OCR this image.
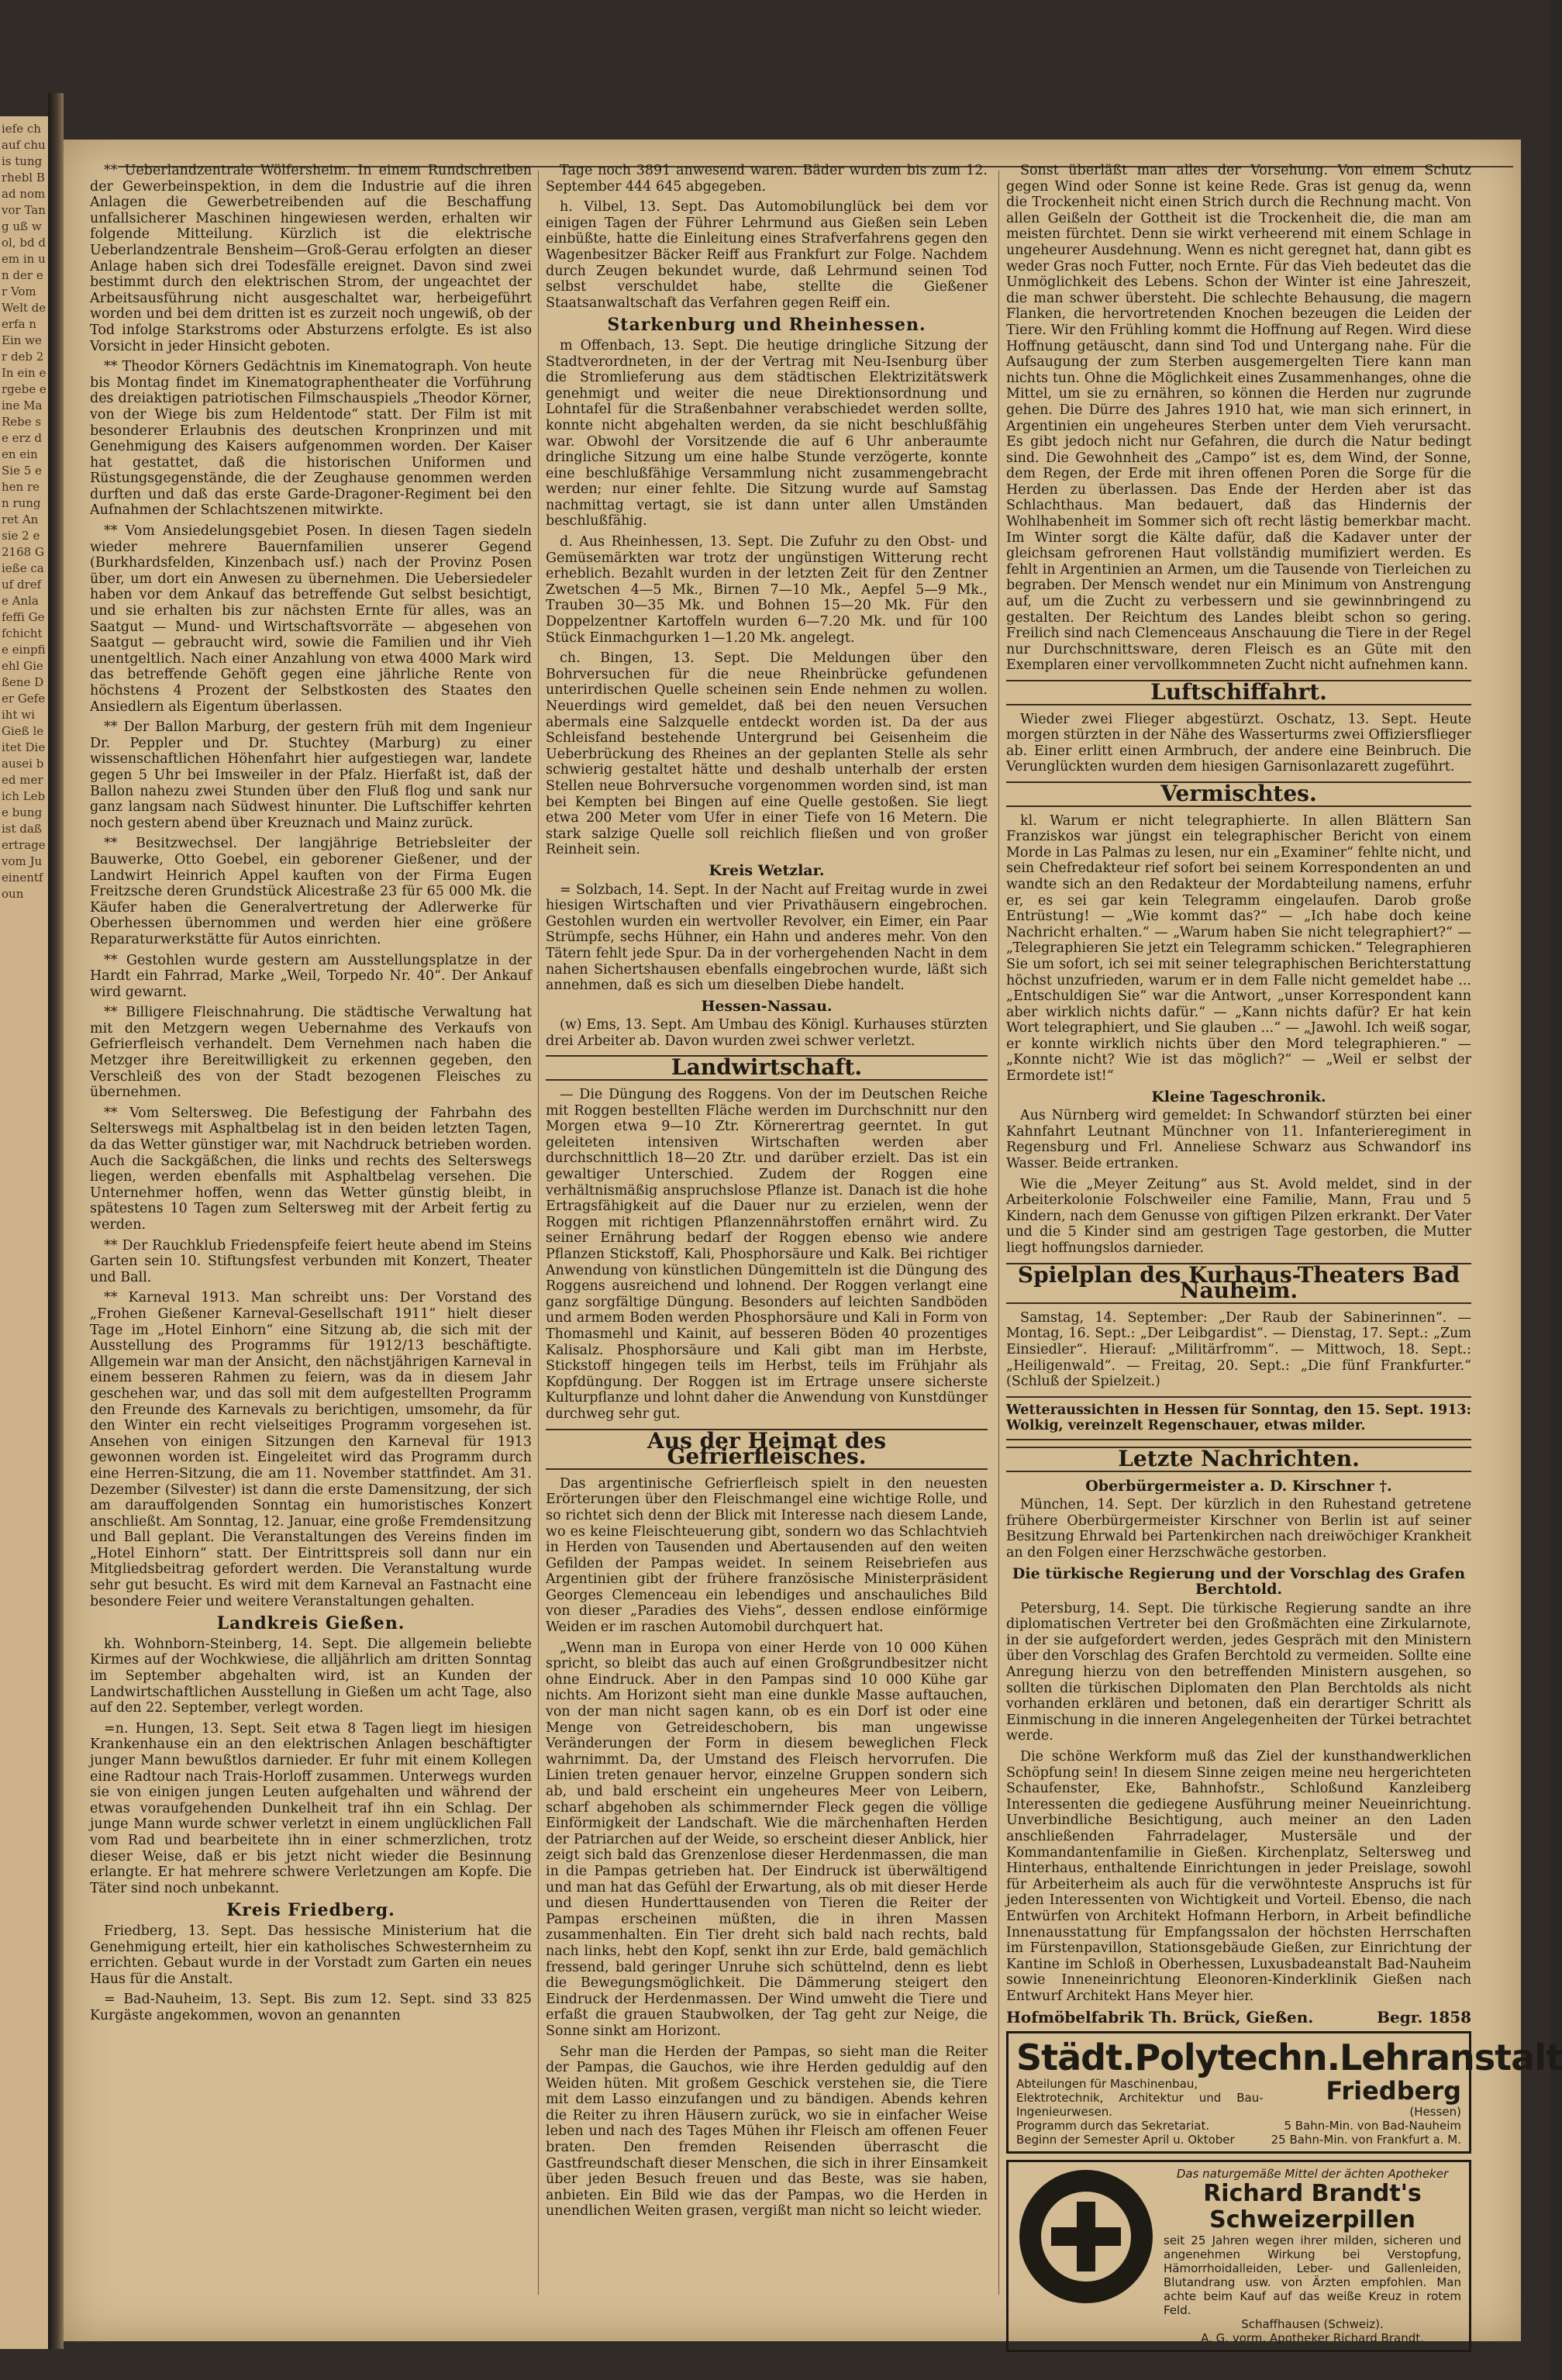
iefe chauf chuis tung rhebl Bad nom vor Tang uß wol, bd dem in un der er Vom Welt de erfa n Ein wer deb 2 In ein ergebe eine Ma Rebe se erz den ein Sie 5 ehen ren rung ret An sie 2 e 2168 Gieße cauf drefe Anla feffi Gefchichte einpfiehl Gießene Der Gefe iht wi Gieß leitet Die ausei bed mer ich Lebe bung ist daß ertrage vom Ju einentfoun

** Ueberlandzentrale Wölfersheim. In einem Rundschreiben der Gewerbeinspektion, in dem die Industrie auf die ihren Anlagen die Gewerbetreibenden auf die Beschaffung unfallsicherer Maschinen hingewiesen werden, erhalten wir folgende Mitteilung. Kürzlich ist die elektrische Ueberlandzentrale Bensheim—Groß-Gerau erfolgten an dieser Anlage haben sich drei Todesfälle ereignet. Davon sind zwei bestimmt durch den elektrischen Strom, der ungeachtet der Arbeitsausführung nicht ausgeschaltet war, herbeigeführt worden und bei dem dritten ist es zurzeit noch ungewiß, ob der Tod infolge Starkstroms oder Absturzens erfolgte. Es ist also Vorsicht in jeder Hinsicht geboten.

** Theodor Körners Gedächtnis im Kinematograph. Von heute bis Montag findet im Kinematographentheater die Vorführung des dreiaktigen patriotischen Filmschauspiels „Theodor Körner, von der Wiege bis zum Heldentode“ statt. Der Film ist mit besonderer Erlaubnis des deutschen Kronprinzen und mit Genehmigung des Kaisers aufgenommen worden. Der Kaiser hat gestattet, daß die historischen Uniformen und Rüstungsgegenstände, die der Zeughause genommen werden durften und daß das erste Garde-Dragoner-Regiment bei den Aufnahmen der Schlachtszenen mitwirkte.

** Vom Ansiedelungsgebiet Posen. In diesen Tagen siedeln wieder mehrere Bauernfamilien unserer Gegend (Burkhardsfelden, Kinzenbach usf.) nach der Provinz Posen über, um dort ein Anwesen zu übernehmen. Die Uebersiedeler haben vor dem Ankauf das betreffende Gut selbst besichtigt, und sie erhalten bis zur nächsten Ernte für alles, was an Saatgut — Mund- und Wirtschaftsvorräte — abgesehen von Saatgut — gebraucht wird, sowie die Familien und ihr Vieh unentgeltlich. Nach einer Anzahlung von etwa 4000 Mark wird das betreffende Gehöft gegen eine jährliche Rente von höchstens 4 Prozent der Selbstkosten des Staates den Ansiedlern als Eigentum überlassen.

** Der Ballon Marburg, der gestern früh mit dem Ingenieur Dr. Peppler und Dr. Stuchtey (Marburg) zu einer wissenschaftlichen Höhenfahrt hier aufgestiegen war, landete gegen 5 Uhr bei Imsweiler in der Pfalz. Hierfaßt ist, daß der Ballon nahezu zwei Stunden über den Fluß flog und sank nur ganz langsam nach Südwest hinunter. Die Luftschiffer kehrten noch gestern abend über Kreuznach und Mainz zurück.

** Besitzwechsel. Der langjährige Betriebsleiter der Bauwerke, Otto Goebel, ein geborener Gießener, und der Landwirt Heinrich Appel kauften von der Firma Eugen Freitzsche deren Grundstück Alicestraße 23 für 65 000 Mk. die Käufer haben die Generalvertretung der Adlerwerke für Oberhessen übernommen und werden hier eine größere Reparaturwerkstätte für Autos einrichten.

** Gestohlen wurde gestern am Ausstellungsplatze in der Hardt ein Fahrrad, Marke „Weil, Torpedo Nr. 40“. Der Ankauf wird gewarnt.

** Billigere Fleischnahrung. Die städtische Verwaltung hat mit den Metzgern wegen Uebernahme des Verkaufs von Gefrierfleisch verhandelt. Dem Vernehmen nach haben die Metzger ihre Bereitwilligkeit zu erkennen gegeben, den Verschleiß des von der Stadt bezogenen Fleisches zu übernehmen.

** Vom Seltersweg. Die Befestigung der Fahrbahn des Selterswegs mit Asphaltbelag ist in den beiden letzten Tagen, da das Wetter günstiger war, mit Nachdruck betrieben worden. Auch die Sackgäßchen, die links und rechts des Selterswegs liegen, werden ebenfalls mit Asphaltbelag versehen. Die Unternehmer hoffen, wenn das Wetter günstig bleibt, in spätestens 10 Tagen zum Seltersweg mit der Arbeit fertig zu werden.

** Der Rauchklub Friedenspfeife feiert heute abend im Steins Garten sein 10. Stiftungsfest verbunden mit Konzert, Theater und Ball.

** Karneval 1913. Man schreibt uns: Der Vorstand des „Frohen Gießener Karneval-Gesellschaft 1911“ hielt dieser Tage im „Hotel Einhorn“ eine Sitzung ab, die sich mit der Ausstellung des Programms für 1912/13 beschäftigte. Allgemein war man der Ansicht, den nächstjährigen Karneval in einem besseren Rahmen zu feiern, was da in diesem Jahr geschehen war, und das soll mit dem aufgestellten Programm den Freunde des Karnevals zu berichtigen, umsomehr, da für den Winter ein recht vielseitiges Programm vorgesehen ist. Ansehen von einigen Sitzungen den Karneval für 1913 gewonnen worden ist. Eingeleitet wird das Programm durch eine Herren-Sitzung, die am 11. November stattfindet. Am 31. Dezember (Silvester) ist dann die erste Damensitzung, der sich am darauffolgenden Sonntag ein humoristisches Konzert anschließt. Am Sonntag, 12. Januar, eine große Fremdensitzung und Ball geplant. Die Veranstaltungen des Vereins finden im „Hotel Einhorn“ statt. Der Eintrittspreis soll dann nur ein Mitgliedsbeitrag gefordert werden. Die Veranstaltung wurde sehr gut besucht. Es wird mit dem Karneval an Fastnacht eine besondere Feier und weitere Veranstaltungen gehalten.

Landkreis Gießen.

kh. Wohnborn-Steinberg, 14. Sept. Die allgemein beliebte Kirmes auf der Wochkwiese, die alljährlich am dritten Sonntag im September abgehalten wird, ist an Kunden der Landwirtschaftlichen Ausstellung in Gießen um acht Tage, also auf den 22. September, verlegt worden.

=n. Hungen, 13. Sept. Seit etwa 8 Tagen liegt im hiesigen Krankenhause ein an den elektrischen Anlagen beschäftigter junger Mann bewußtlos darnieder. Er fuhr mit einem Kollegen eine Radtour nach Trais-Horloff zusammen. Unterwegs wurden sie von einigen jungen Leuten aufgehalten und während der etwas voraufgehenden Dunkelheit traf ihn ein Schlag. Der junge Mann wurde schwer verletzt in einem unglücklichen Fall vom Rad und bearbeitete ihn in einer schmerzlichen, trotz dieser Weise, daß er bis jetzt nicht wieder die Besinnung erlangte. Er hat mehrere schwere Verletzungen am Kopfe. Die Täter sind noch unbekannt.

Kreis Friedberg.

Friedberg, 13. Sept. Das hessische Ministerium hat die Genehmigung erteilt, hier ein katholisches Schwesternheim zu errichten. Gebaut wurde in der Vorstadt zum Garten ein neues Haus für die Anstalt.

= Bad-Nauheim, 13. Sept. Bis zum 12. Sept. sind 33 825 Kurgäste angekommen, wovon an genannten

Tage noch 3891 anwesend waren. Bäder wurden bis zum 12. September 444 645 abgegeben.

h. Vilbel, 13. Sept. Das Automobilunglück bei dem vor einigen Tagen der Führer Lehrmund aus Gießen sein Leben einbüßte, hatte die Einleitung eines Strafverfahrens gegen den Wagenbesitzer Bäcker Reiff aus Frankfurt zur Folge. Nachdem durch Zeugen bekundet wurde, daß Lehrmund seinen Tod selbst verschuldet habe, stellte die Gießener Staatsanwaltschaft das Verfahren gegen Reiff ein.

Starkenburg und Rheinhessen.

m Offenbach, 13. Sept. Die heutige dringliche Sitzung der Stadtverordneten, in der der Vertrag mit Neu-Isenburg über die Stromlieferung aus dem städtischen Elektrizitätswerk genehmigt und weiter die neue Direktionsordnung und Lohntafel für die Straßenbahner verabschiedet werden sollte, konnte nicht abgehalten werden, da sie nicht beschlußfähig war. Obwohl der Vorsitzende die auf 6 Uhr anberaumte dringliche Sitzung um eine halbe Stunde verzögerte, konnte eine beschlußfähige Versammlung nicht zusammengebracht werden; nur einer fehlte. Die Sitzung wurde auf Samstag nachmittag vertagt, sie ist dann unter allen Umständen beschlußfähig.

d. Aus Rheinhessen, 13. Sept. Die Zufuhr zu den Obst- und Gemüsemärkten war trotz der ungünstigen Witterung recht erheblich. Bezahlt wurden in der letzten Zeit für den Zentner Zwetschen 4—5 Mk., Birnen 7—10 Mk., Aepfel 5—9 Mk., Trauben 30—35 Mk. und Bohnen 15—20 Mk. Für den Doppelzentner Kartoffeln wurden 6—7.20 Mk. und für 100 Stück Einmachgurken 1—1.20 Mk. angelegt.

ch. Bingen, 13. Sept. Die Meldungen über den Bohrversuchen für die neue Rheinbrücke gefundenen unterirdischen Quelle scheinen sein Ende nehmen zu wollen. Neuerdings wird gemeldet, daß bei den neuen Versuchen abermals eine Salzquelle entdeckt worden ist. Da der aus Schleisfand bestehende Untergrund bei Geisenheim die Ueberbrückung des Rheines an der geplanten Stelle als sehr schwierig gestaltet hätte und deshalb unterhalb der ersten Stellen neue Bohrversuche vorgenommen worden sind, ist man bei Kempten bei Bingen auf eine Quelle gestoßen. Sie liegt etwa 200 Meter vom Ufer in einer Tiefe von 16 Metern. Die stark salzige Quelle soll reichlich fließen und von großer Reinheit sein.

Kreis Wetzlar.

= Solzbach, 14. Sept. In der Nacht auf Freitag wurde in zwei hiesigen Wirtschaften und vier Privathäusern eingebrochen. Gestohlen wurden ein wertvoller Revolver, ein Eimer, ein Paar Strümpfe, sechs Hühner, ein Hahn und anderes mehr. Von den Tätern fehlt jede Spur. Da in der vorhergehenden Nacht in dem nahen Sichertshausen ebenfalls eingebrochen wurde, läßt sich annehmen, daß es sich um dieselben Diebe handelt.

Hessen-Nassau.

(w) Ems, 13. Sept. Am Umbau des Königl. Kurhauses stürzten drei Arbeiter ab. Davon wurden zwei schwer verletzt.

Landwirtschaft.

— Die Düngung des Roggens. Von der im Deutschen Reiche mit Roggen bestellten Fläche werden im Durchschnitt nur den Morgen etwa 9—10 Ztr. Körnerertrag geerntet. In gut geleiteten intensiven Wirtschaften werden aber durchschnittlich 18—20 Ztr. und darüber erzielt. Das ist ein gewaltiger Unterschied. Zudem der Roggen eine verhältnismäßig anspruchslose Pflanze ist. Danach ist die hohe Ertragsfähigkeit auf die Dauer nur zu erzielen, wenn der Roggen mit richtigen Pflanzennährstoffen ernährt wird. Zu seiner Ernährung bedarf der Roggen ebenso wie andere Pflanzen Stickstoff, Kali, Phosphorsäure und Kalk. Bei richtiger Anwendung von künstlichen Düngemitteln ist die Düngung des Roggens ausreichend und lohnend. Der Roggen verlangt eine ganz sorgfältige Düngung. Besonders auf leichten Sandböden und armem Boden werden Phosphorsäure und Kali in Form von Thomasmehl und Kainit, auf besseren Böden 40 prozentiges Kalisalz. Phosphorsäure und Kali gibt man im Herbste, Stickstoff hingegen teils im Herbst, teils im Frühjahr als Kopfdüngung. Der Roggen ist im Ertrage unsere sicherste Kulturpflanze und lohnt daher die Anwendung von Kunstdünger durchweg sehr gut.

Aus der Heimat des Gefrierfleisches.

Das argentinische Gefrierfleisch spielt in den neuesten Erörterungen über den Fleischmangel eine wichtige Rolle, und so richtet sich denn der Blick mit Interesse nach diesem Lande, wo es keine Fleischteuerung gibt, sondern wo das Schlachtvieh in Herden von Tausenden und Abertausenden auf den weiten Gefilden der Pampas weidet. In seinem Reisebriefen aus Argentinien gibt der frühere französische Ministerpräsident Georges Clemenceau ein lebendiges und anschauliches Bild von dieser „Paradies des Viehs“, dessen endlose einförmige Weiden er im raschen Automobil durchquert hat.

„Wenn man in Europa von einer Herde von 10 000 Kühen spricht, so bleibt das auch auf einen Großgrundbesitzer nicht ohne Eindruck. Aber in den Pampas sind 10 000 Kühe gar nichts. Am Horizont sieht man eine dunkle Masse auftauchen, von der man nicht sagen kann, ob es ein Dorf ist oder eine Menge von Getreideschobern, bis man ungewisse Veränderungen der Form in diesem beweglichen Fleck wahrnimmt. Da, der Umstand des Fleisch hervorrufen. Die Linien treten genauer hervor, einzelne Gruppen sondern sich ab, und bald erscheint ein ungeheures Meer von Leibern, scharf abgehoben als schimmernder Fleck gegen die völlige Einförmigkeit der Landschaft. Wie die märchenhaften Herden der Patriarchen auf der Weide, so erscheint dieser Anblick, hier zeigt sich bald das Grenzenlose dieser Herdenmassen, die man in die Pampas getrieben hat. Der Eindruck ist überwältigend und man hat das Gefühl der Erwartung, als ob mit dieser Herde und diesen Hunderttausenden von Tieren die Reiter der Pampas erscheinen müßten, die in ihren Massen zusammenhalten. Ein Tier dreht sich bald nach rechts, bald nach links, hebt den Kopf, senkt ihn zur Erde, bald gemächlich fressend, bald geringer Unruhe sich schüttelnd, denn es liebt die Bewegungsmöglichkeit. Die Dämmerung steigert den Eindruck der Herdenmassen. Der Wind umweht die Tiere und erfaßt die grauen Staubwolken, der Tag geht zur Neige, die Sonne sinkt am Horizont.

Sehr man die Herden der Pampas, so sieht man die Reiter der Pampas, die Gauchos, wie ihre Herden geduldig auf den Weiden hüten. Mit großem Geschick verstehen sie, die Tiere mit dem Lasso einzufangen und zu bändigen. Abends kehren die Reiter zu ihren Häusern zurück, wo sie in einfacher Weise leben und nach des Tages Mühen ihr Fleisch am offenen Feuer braten. Den fremden Reisenden überrascht die Gastfreundschaft dieser Menschen, die sich in ihrer Einsamkeit über jeden Besuch freuen und das Beste, was sie haben, anbieten. Ein Bild wie das der Pampas, wo die Herden in unendlichen Weiten grasen, vergißt man nicht so leicht wieder.

Sonst überläßt man alles der Vorsehung. Von einem Schutz gegen Wind oder Sonne ist keine Rede. Gras ist genug da, wenn die Trockenheit nicht einen Strich durch die Rechnung macht. Von allen Geißeln der Gottheit ist die Trockenheit die, die man am meisten fürchtet. Denn sie wirkt verheerend mit einem Schlage in ungeheurer Ausdehnung. Wenn es nicht geregnet hat, dann gibt es weder Gras noch Futter, noch Ernte. Für das Vieh bedeutet das die Unmöglichkeit des Lebens. Schon der Winter ist eine Jahreszeit, die man schwer übersteht. Die schlechte Behausung, die magern Flanken, die hervortretenden Knochen bezeugen die Leiden der Tiere. Wir den Frühling kommt die Hoffnung auf Regen. Wird diese Hoffnung getäuscht, dann sind Tod und Untergang nahe. Für die Aufsaugung der zum Sterben ausgemergelten Tiere kann man nichts tun. Ohne die Möglichkeit eines Zusammenhanges, ohne die Mittel, um sie zu ernähren, so können die Herden nur zugrunde gehen. Die Dürre des Jahres 1910 hat, wie man sich erinnert, in Argentinien ein ungeheures Sterben unter dem Vieh verursacht. Es gibt jedoch nicht nur Gefahren, die durch die Natur bedingt sind. Die Gewohnheit des „Campo“ ist es, dem Wind, der Sonne, dem Regen, der Erde mit ihren offenen Poren die Sorge für die Herden zu überlassen. Das Ende der Herden aber ist das Schlachthaus. Man bedauert, daß das Hindernis der Wohlhabenheit im Sommer sich oft recht lästig bemerkbar macht. Im Winter sorgt die Kälte dafür, daß die Kadaver unter der gleichsam gefrorenen Haut vollständig mumifiziert werden. Es fehlt in Argentinien an Armen, um die Tausende von Tierleichen zu begraben. Der Mensch wendet nur ein Minimum von Anstrengung auf, um die Zucht zu verbessern und sie gewinnbringend zu gestalten. Der Reichtum des Landes bleibt schon so gering. Freilich sind nach Clemenceaus Anschauung die Tiere in der Regel nur Durchschnittsware, deren Fleisch es an Güte mit den Exemplaren einer vervollkommneten Zucht nicht aufnehmen kann.

Luftschiffahrt.

Wieder zwei Flieger abgestürzt. Oschatz, 13. Sept. Heute morgen stürzten in der Nähe des Wasserturms zwei Offiziersflieger ab. Einer erlitt einen Armbruch, der andere eine Beinbruch. Die Verunglückten wurden dem hiesigen Garnisonlazarett zugeführt.

Vermischtes.

kl. Warum er nicht telegraphierte. In allen Blättern San Franziskos war jüngst ein telegraphischer Bericht von einem Morde in Las Palmas zu lesen, nur ein „Examiner“ fehlte nicht, und sein Chefredakteur rief sofort bei seinem Korrespondenten an und wandte sich an den Redakteur der Mordabteilung namens, erfuhr er, es sei gar kein Telegramm eingelaufen. Darob große Entrüstung! — „Wie kommt das?“ — „Ich habe doch keine Nachricht erhalten.“ — „Warum haben Sie nicht telegraphiert?“ — „Telegraphieren Sie jetzt ein Telegramm schicken.“ Telegraphieren Sie um sofort, ich sei mit seiner telegraphischen Berichterstattung höchst unzufrieden, warum er in dem Falle nicht gemeldet habe ... „Entschuldigen Sie“ war die Antwort, „unser Korrespondent kann aber wirklich nichts dafür.“ — „Kann nichts dafür? Er hat kein Wort telegraphiert, und Sie glauben ...“ — „Jawohl. Ich weiß sogar, er konnte wirklich nichts über den Mord telegraphieren.“ — „Konnte nicht? Wie ist das möglich?“ — „Weil er selbst der Ermordete ist!“

Kleine Tageschronik.

Aus Nürnberg wird gemeldet: In Schwandorf stürzten bei einer Kahnfahrt Leutnant Münchner von 11. Infanterieregiment in Regensburg und Frl. Anneliese Schwarz aus Schwandorf ins Wasser. Beide ertranken.

Wie die „Meyer Zeitung“ aus St. Avold meldet, sind in der Arbeiterkolonie Folschweiler eine Familie, Mann, Frau und 5 Kindern, nach dem Genusse von giftigen Pilzen erkrankt. Der Vater und die 5 Kinder sind am gestrigen Tage gestorben, die Mutter liegt hoffnungslos darnieder.

Spielplan des Kurhaus-Theaters Bad Nauheim.

Samstag, 14. September: „Der Raub der Sabinerinnen“. — Montag, 16. Sept.: „Der Leibgardist“. — Dienstag, 17. Sept.: „Zum Einsiedler“. Hierauf: „Militärfromm“. — Mittwoch, 18. Sept.: „Heiligenwald“. — Freitag, 20. Sept.: „Die fünf Frankfurter.“ (Schluß der Spielzeit.)

Wetteraussichten in Hessen für Sonntag, den 15. Sept. 1913: Wolkig, vereinzelt Regenschauer, etwas milder.
Letzte Nachrichten.
Oberbürgermeister a. D. Kirschner †.

München, 14. Sept. Der kürzlich in den Ruhestand getretene frühere Oberbürgermeister Kirschner von Berlin ist auf seiner Besitzung Ehrwald bei Partenkirchen nach dreiwöchiger Krankheit an den Folgen einer Herzschwäche gestorben.

Die türkische Regierung und der Vorschlag des Grafen Berchtold.

Petersburg, 14. Sept. Die türkische Regierung sandte an ihre diplomatischen Vertreter bei den Großmächten eine Zirkularnote, in der sie aufgefordert werden, jedes Gespräch mit den Ministern über den Vorschlag des Grafen Berchtold zu vermeiden. Sollte eine Anregung hierzu von den betreffenden Ministern ausgehen, so sollten die türkischen Diplomaten den Plan Berchtolds als nicht vorhanden erklären und betonen, daß ein derartiger Schritt als Einmischung in die inneren Angelegenheiten der Türkei betrachtet werde.

Die schöne Werkform muß das Ziel der kunsthandwerklichen Schöpfung sein! In diesem Sinne zeigen meine neu hergerichteten Schaufenster, Eke, Bahnhofstr., Schloßund Kanzleiberg Interessenten die gediegene Ausführung meiner Neueinrichtung. Unverbindliche Besichtigung, auch meiner an den Laden anschließenden Fahrradelager, Mustersäle und der Kommandantenfamilie in Gießen. Kirchenplatz, Seltersweg und Hinterhaus, enthaltende Einrichtungen in jeder Preislage, sowohl für Arbeiterheim als auch für die verwöhnteste Anspruchs ist für jeden Interessenten von Wichtigkeit und Vorteil. Ebenso, die nach Entwürfen von Architekt Hofmann Herborn, in Arbeit befindliche Innenausstattung für Empfangssalon der höchsten Herrschaften im Fürstenpavillon, Stationsgebäude Gießen, zur Einrichtung der Kantine im Schloß in Oberhessen, Luxusbadeanstalt Bad-Nauheim sowie Inneneinrichtung Eleonoren-Kinderklinik Gießen nach Entwurf Architekt Hans Meyer hier.

Hofmöbelfabrik Th. Brück, Gießen.	Begr. 1858
Städt.Polytechn.Lehranstalt
Abteilungen für Maschinenbau,
Elektrotechnik, Architektur und Bau-Ingenieurwesen.
Programm durch das Sekretariat.
Beginn der Semester April u. Oktober
Friedberg
(Hessen)
5 Bahn-Min. von Bad-Nauheim
25 Bahn-Min. von Frankfurt a. M.
Das naturgemäße Mittel der ächten Apotheker
Richard Brandt's
Schweizerpillen
seit 25 Jahren wegen ihrer milden, sicheren und angenehmen Wirkung bei Verstopfung, Hämorrhoidalleiden, Leber- und Gallenleiden, Blutandrang usw. von Ärzten empfohlen. Man achte beim Kauf auf das weiße Kreuz in rotem Feld.
Schaffhausen (Schweiz).
A. G. vorm. Apotheker Richard Brandt.
